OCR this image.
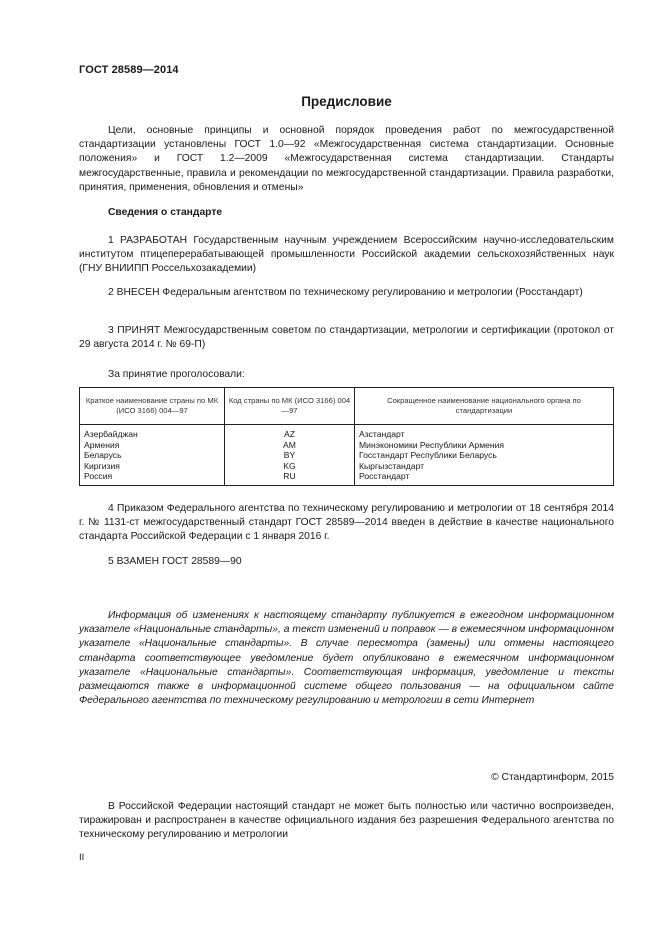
ГОСТ 28589—2014
Предисловие
Цели, основные принципы и основной порядок проведения работ по межгосударственной стандартизации установлены ГОСТ 1.0—92 «Межгосударственная система стандартизации. Основные положения» и ГОСТ 1.2—2009 «Межгосударственная система стандартизации. Стандарты межгосударственные, правила и рекомендации по межгосударственной стандартизации. Правила разработки, принятия, применения, обновления и отмены»
Сведения о стандарте
1 РАЗРАБОТАН Государственным научным учреждением Всероссийским научно-исследовательским институтом птицеперерабатывающей промышленности Российской академии сельскохозяйственных наук (ГНУ ВНИИПП Россельхозакадемии)
2 ВНЕСЕН Федеральным агентством по техническому регулированию и метрологии (Росстандарт)
3 ПРИНЯТ Межгосударственным советом по стандартизации, метрологии и сертификации (протокол от 29 августа 2014 г. № 69-П)
За принятие проголосовали:
Краткое наименование страны по МК (ИСО 3166) 004—97	Код страны по МК (ИСО 3166) 004—97	Сокращенное наименование национального органа по стандартизации
Азербайджан	AZ	Азстандарт
Армения	AM	Минэкономики Республики Армения
Беларусь	BY	Госстандарт Республики Беларусь
Киргизия	KG	Кыргызстандарт
Россия	RU	Росстандарт
4 Приказом Федерального агентства по техническому регулированию и метрологии от 18 сентября 2014 г. № 1131-ст межгосударственный стандарт ГОСТ 28589—2014 введен в действие в качестве национального стандарта Российской Федерации с 1 января 2016 г.
5 ВЗАМЕН ГОСТ 28589—90
Информация об изменениях к настоящему стандарту публикуется в ежегодном информационном указателе «Национальные стандарты», а текст изменений и поправок — в ежемесячном информационном указателе «Национальные стандарты». В случае пересмотра (замены) или отмены настоящего стандарта соответствующее уведомление будет опубликовано в ежемесячном информационном указателе «Национальные стандарты». Соответствующая информация, уведомление и тексты размещаются также в информационной системе общего пользования — на официальном сайте Федерального агентства по техническому регулированию и метрологии в сети Интернет
© Стандартинформ, 2015
В Российской Федерации настоящий стандарт не может быть полностью или частично воспроизведен, тиражирован и распространен в качестве официального издания без разрешения Федерального агентства по техническому регулированию и метрологии
II
